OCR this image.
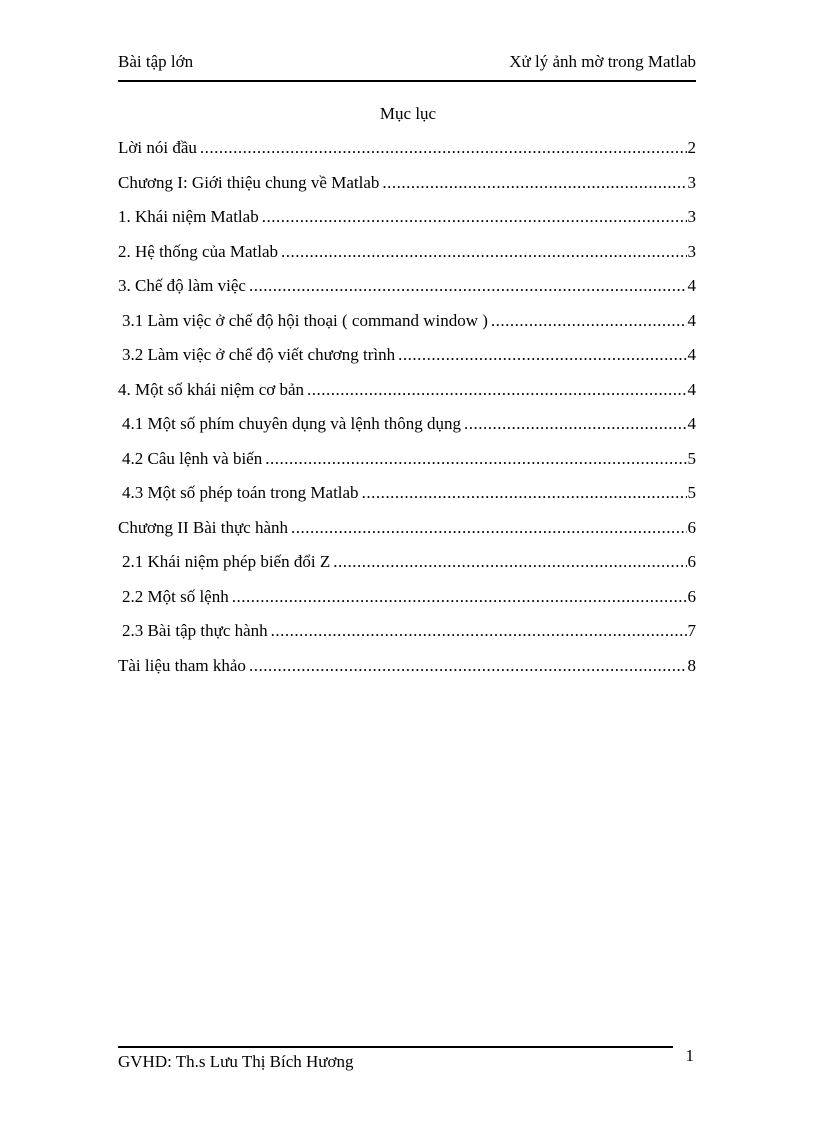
Bài tập lớn	Xử lý ảnh mờ trong Matlab
Mục lục
Lời nói đầu .....	2
Chương I: Giới thiệu chung về Matlab .....	3
1. Khái niệm Matlab .....	3
2. Hệ thống của Matlab .....	3
3. Chế độ làm việc .....	4
3.1 Làm việc ở chế độ hội thoại ( command window ) .....	4
3.2 Làm việc ở chế độ viết chương trình .....	4
4. Một số khái niệm cơ bản .....	4
4.1 Một số phím chuyên dụng và lệnh thông dụng .....	4
4.2 Câu lệnh và biến .....	5
4.3 Một số phép toán trong Matlab .....	5
Chương II Bài thực hành .....	6
2.1 Khái niệm phép biến đổi Z .....	6
2.2 Một số lệnh .....	6
2.3 Bài tập thực hành .....	7
Tài liệu tham khảo .....	8
GVHD: Th.s Lưu Thị Bích Hương	1
